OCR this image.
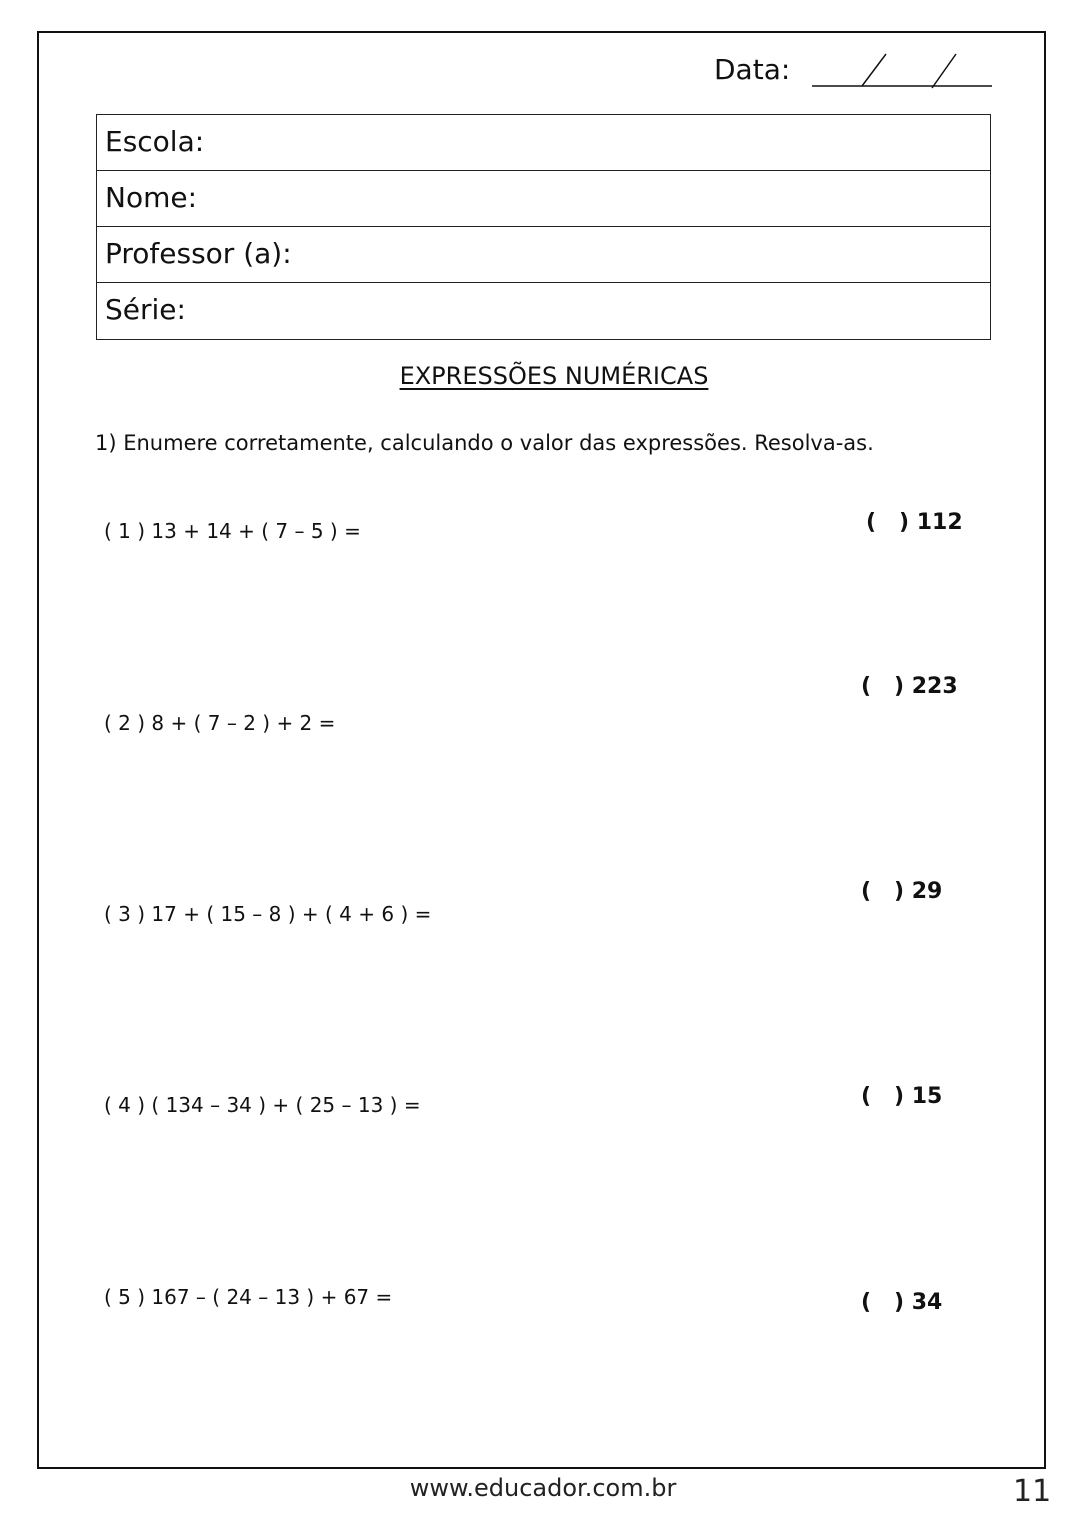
Data:
Escola:
Nome:
Professor (a):
Série:
EXPRESSÕES NUMÉRICAS
1) Enumere corretamente, calculando o valor das expressões. Resolva-as.
( 1 ) 13 + 14 + ( 7 – 5 ) =
( 2 ) 8 + ( 7 – 2 ) + 2 =
( 3 ) 17 + ( 15 – 8 ) + ( 4 + 6 ) =
( 4 ) ( 134 – 34 ) + ( 25 – 13 ) =
( 5 ) 167 – ( 24 – 13 ) + 67 =
(   ) 112
(   ) 223
(   ) 29
(   ) 15
(   ) 34
www.educador.com.br	11
